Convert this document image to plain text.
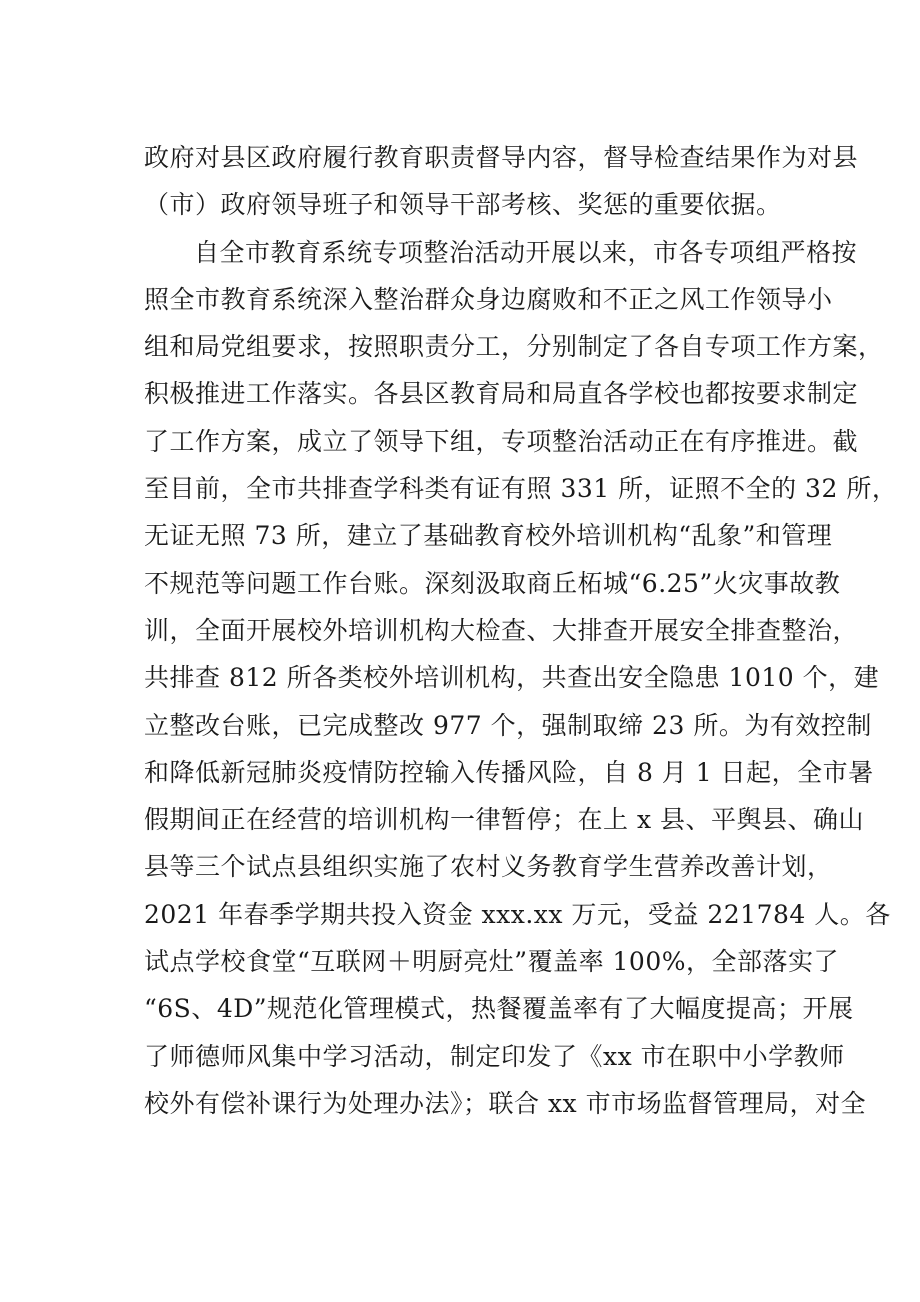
政府对县区政府履行教育职责督导内容，督导检查结果作为对县
（市）政府领导班子和领导干部考核、奖惩的重要依据。
自全市教育系统专项整治活动开展以来，市各专项组严格按
照全市教育系统深入整治群众身边腐败和不正之风工作领导小
组和局党组要求，按照职责分工，分别制定了各自专项工作方案，
积极推进工作落实。各县区教育局和局直各学校也都按要求制定
了工作方案，成立了领导下组，专项整治活动正在有序推进。截
至目前，全市共排查学科类有证有照 331 所，证照不全的 32 所，
无证无照 73 所，建立了基础教育校外培训机构“乱象”和管理
不规范等问题工作台账。深刻汲取商丘柘城“6.25”火灾事故教
训，全面开展校外培训机构大检查、大排查开展安全排查整治，
共排查 812 所各类校外培训机构，共查出安全隐患 1010 个，建
立整改台账，已完成整改 977 个，强制取缔 23 所。为有效控制
和降低新冠肺炎疫情防控输入传播风险，自 8 月 1 日起，全市暑
假期间正在经营的培训机构一律暂停；在上 x 县、平舆县、确山
县等三个试点县组织实施了农村义务教育学生营养改善计划，
2021 年春季学期共投入资金 xxx.xx 万元，受益 221784 人。各
试点学校食堂“互联网＋明厨亮灶”覆盖率 100%，全部落实了
“6S、4D”规范化管理模式，热餐覆盖率有了大幅度提高；开展
了师德师风集中学习活动，制定印发了《xx 市在职中小学教师
校外有偿补课行为处理办法》；联合 xx 市市场监督管理局，对全
